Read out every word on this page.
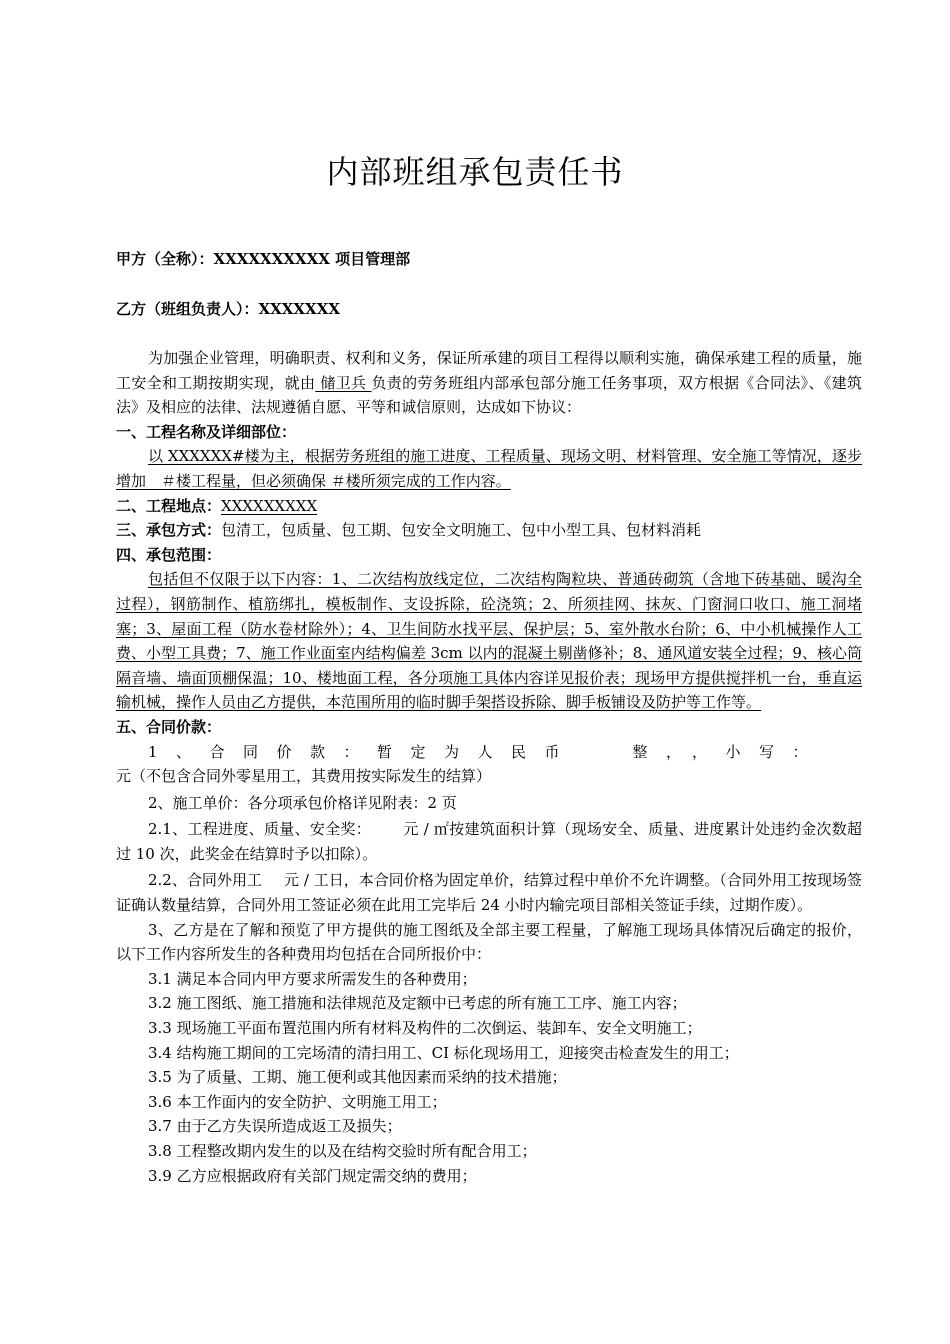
内部班组承包责任书
甲方（全称）：XXXXXXXXXX 项目管理部
乙方（班组负责人）：XXXXXXX

为加强企业管理，明确职责、权利和义务，保证所承建的项目工程得以顺利实施，确保承建工程的质量，施工安全和工期按期实现，就由 储卫兵 负责的劳务班组内部承包部分施工任务事项，双方根据《合同法》、《建筑法》及相应的法律、法规遵循自愿、平等和诚信原则，达成如下协议：

一、工程名称及详细部位：

以 XXXXXX#楼为主，根据劳务班组的施工进度、工程质量、现场文明、材料管理、安全施工等情况，逐步增加　＃楼工程量，但必须确保 ＃楼所须完成的工作内容。

二、工程地点：XXXXXXXXX

三、承包方式：包清工，包质量、包工期、包安全文明施工、包中小型工具、包材料消耗

四、承包范围：

包括但不仅限于以下内容：1、二次结构放线定位，二次结构陶粒块、普通砖砌筑（含地下砖基础、暖沟全过程），钢筋制作、植筋绑扎，模板制作、支设拆除，砼浇筑；2、所须挂网、抹灰、门窗洞口收口、施工洞堵塞；3、屋面工程（防水卷材除外）；4、卫生间防水找平层、保护层；5、室外散水台阶；6、中小机械操作人工费、小型工具费；7、施工作业面室内结构偏差 3cm 以内的混凝土剔凿修补；8、通风道安装全过程；9、核心筒隔音墙、墙面顶棚保温；10、楼地面工程，各分项施工具体内容详见报价表；现场甲方提供搅拌机一台，垂直运输机械，操作人员由乙方提供，本范围所用的临时脚手架搭设拆除、脚手板铺设及防护等工作等。

五、合同价款：

1、合同价款：暂定为人民币 整，，小写：元（不包含合同外零星用工，其费用按实际发生的结算）

2、施工单价：各分项承包价格详见附表：2 页

2.1、工程进度、质量、安全奖： 元 / ㎡按建筑面积计算（现场安全、质量、进度累计处违约金次数超过 10 次，此奖金在结算时予以扣除）。

2.2、合同外用工 元 / 工日，本合同价格为固定单价，结算过程中单价不允许调整。（合同外用工按现场签证确认数量结算，合同外用工签证必须在此用工完毕后 24 小时内输完项目部相关签证手续，过期作废）。

3、乙方是在了解和预览了甲方提供的施工图纸及全部主要工程量，了解施工现场具体情况后确定的报价，以下工作内容所发生的各种费用均包括在合同所报价中：

3.1 满足本合同内甲方要求所需发生的各种费用；

3.2 施工图纸、施工措施和法律规范及定额中已考虑的所有施工工序、施工内容；

3.3 现场施工平面布置范围内所有材料及构件的二次倒运、装卸车、安全文明施工；

3.4 结构施工期间的工完场清的清扫用工、CI 标化现场用工，迎接突击检查发生的用工；

3.5 为了质量、工期、施工便利或其他因素而采纳的技术措施；

3.6 本工作面内的安全防护、文明施工用工；

3.7 由于乙方失误所造成返工及损失；

3.8 工程整改期内发生的以及在结构交验时所有配合用工；

3.9 乙方应根据政府有关部门规定需交纳的费用；
